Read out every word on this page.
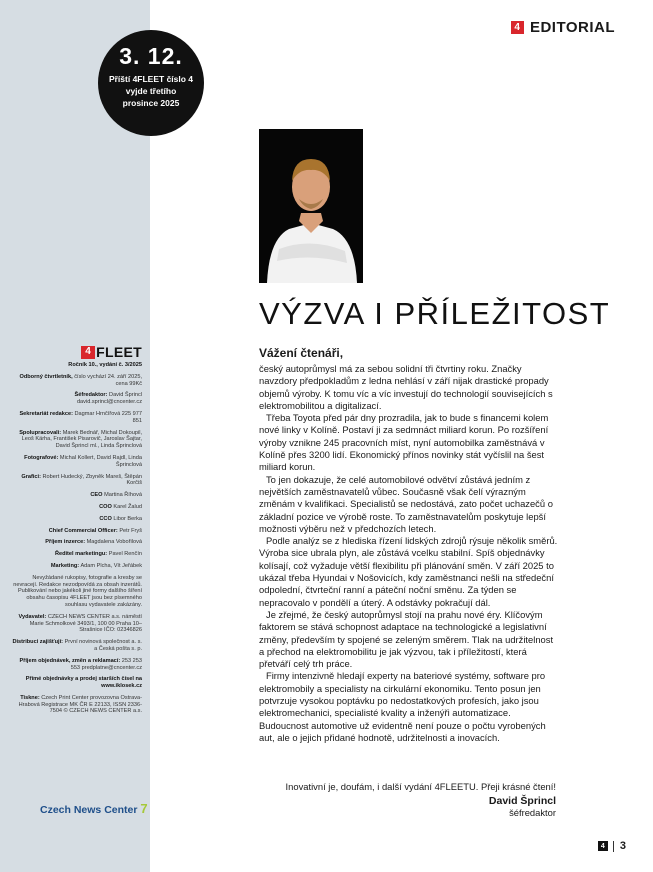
3. 12.
Příští 4FLEET číslo 4
vyjde třetího
prosince 2025
4 EDITORIAL
VÝZVA I PŘÍLEŽITOST
Vážení čtenáři,

český autoprůmysl má za sebou solidní tři čtvrtiny roku. Značky navzdory předpokladům z ledna nehlásí v září nijak drastické propady objemů výroby. K tomu víc a víc investují do technologií souvisejících s elektromobilitou a digitalizací.

Třeba Toyota před pár dny prozradila, jak to bude s financemi kolem nové linky v Kolíně. Postaví ji za sedmnáct miliard korun. Po rozšíření výroby vznikne 245 pracovních míst, nyní automobilka zaměstnává v Kolíně přes 3200 lidí. Ekonomický přínos novinky stát vyčíslil na šest miliard korun.

To jen dokazuje, že celé automobilové odvětví zůstává jedním z největších zaměstnavatelů vůbec. Současně však čelí výrazným změnám v kvalifikaci. Specialistů se nedostává, zato počet uchazečů o základní pozice ve výrobě roste. To zaměstnavatelům poskytuje lepší možnosti výběru než v předchozích letech.

Podle analýz se z hlediska řízení lidských zdrojů rýsuje několik směrů. Výroba sice ubrala plyn, ale zůstává vcelku stabilní. Spíš objednávky kolísají, což vyžaduje větší flexibilitu při plánování směn. V září 2025 to ukázal třeba Hyundai v Nošovicích, kdy zaměstnanci nešli na středeční odpolední, čtvrteční ranní a páteční noční směnu. Za týden se nepracovalo v pondělí a úterý. A odstávky pokračují dál.

Je zřejmé, že český autoprůmysl stojí na prahu nové éry. Klíčovým faktorem se stává schopnost adaptace na technologické a legislativní změny, především ty spojené se zeleným směrem. Tlak na udržitelnost a přechod na elektromobilitu je jak výzvou, tak i příležitostí, která přetváří celý trh práce.

Firmy intenzivně hledají experty na bateriové systémy, software pro elektromobily a specialisty na cirkulární ekonomiku. Tento posun jen potvrzuje vysokou poptávku po nedostatkových profesích, jako jsou elektromechanici, specialisté kvality a inženýři automatizace. Budoucnost automotive už evidentně není pouze o počtu vyrobených aut, ale o jejich přidané hodnotě, udržitelnosti a inovacích.

Inovativní je, doufám, i další vydání 4FLEETU. Přeji krásné čtení!
David Šprincl
šéfredaktor
4 FLEET
Ročník 10., vydání č. 3/2025
Odborný čtvrtletník, číslo vychází 24. září 2025, cena 99Kč
Šéfredaktor: David Šprincl david.sprincl@cncenter.cz
Sekretariát redakce: Dagmar Hrnčířová 225 977 851
Spolupracovali: Marek Bednář, Michal Dokoupil, Leoš Kärha, František Pisarovič, Jaroslav Šajtar, David Šprincl ml., Linda Šprinclová
Fotografové: Michal Kollert, David Rajdl, Linda Šprinclová
Grafici: Robert Hudecký, Zbyněk Mareš, Štěpán Korčiš
CEO Martina Říhová
COO Karel Žalud
CCO Libor Berka
Chief Commercial Officer: Petr Fryš
Příjem inzerce: Magdalena Vobořilová
Ředitel marketingu: Pavel Renčín
Marketing: Adam Plcha, Vít Jeřábek
Nevyžádané rukopisy, fotografie a kresby se nevracejí. Redakce nezodpovídá za obsah inzerátů. Publikování nebo jakékoli jiné formy dalšího šíření obsahu časopisu 4FLEET jsou bez písemného souhlasu vydavatele zakázány.
Vydavatel: CZECH NEWS CENTER a.s. náměstí Marie Schmolkové 3493/1, 100 00 Praha 10–Strašnice IČO: 02346826
Distribuci zajišťují: První novinová společnost a. s. a Česká pošta s. p.
Příjem objednávek, změn a reklamací: 253 253 553 predplatne@cncenter.cz
Přímé objednávky a prodej starších čísel na www.iklosek.cz
Tiskne: Czech Print Center provozovna Ostrava-Hrabová Registrace MK ČR E 22133, ISSN 2336-7504 © CZECH NEWS CENTER a.s.
Czech News Center 7
4 3
